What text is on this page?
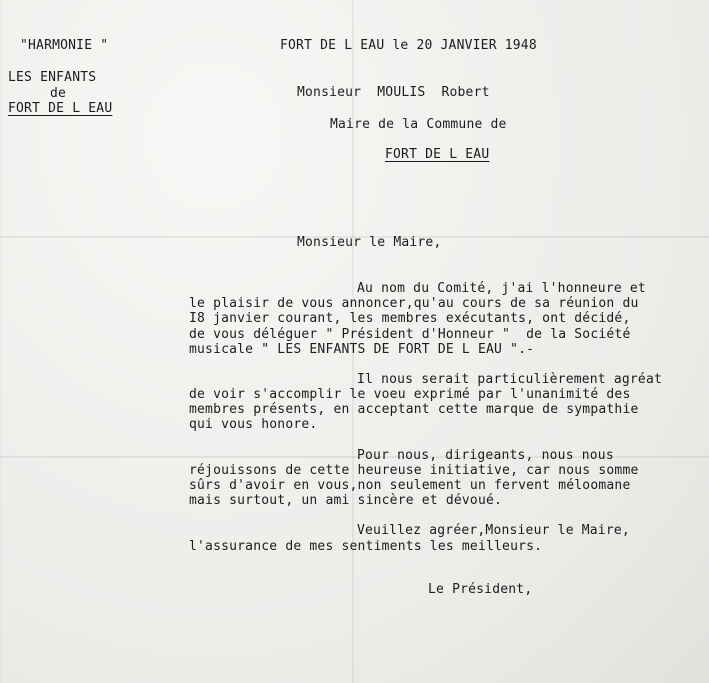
"HARMONIE "
LES ENFANTS
de
FORT DE L EAU
FORT DE L EAU le 20 JANVIER 1948
Monsieur  MOULIS  Robert
Maire de la Commune de
FORT DE L EAU
Monsieur le Maire,
Au nom du Comité, j'ai l'honneure et
le plaisir de vous annoncer,qu'au cours de sa réunion du
I8 janvier courant, les membres exécutants, ont décidé,
de vous déléguer " Président d'Honneur "  de la Société
musicale " LES ENFANTS DE FORT DE L EAU ".-
Il nous serait particulièrement agréat
de voir s'accomplir le voeu exprimé par l'unanimité des
membres présents, en acceptant cette marque de sympathie
qui vous honore.
Pour nous, dirigeants, nous nous
réjouissons de cette heureuse initiative, car nous somme
sûrs d'avoir en vous,non seulement un fervent méloomane
mais surtout, un ami sincère et dévoué.
Veuillez agréer,Monsieur le Maire,
l'assurance de mes sentiments les meilleurs.
Le Président,
